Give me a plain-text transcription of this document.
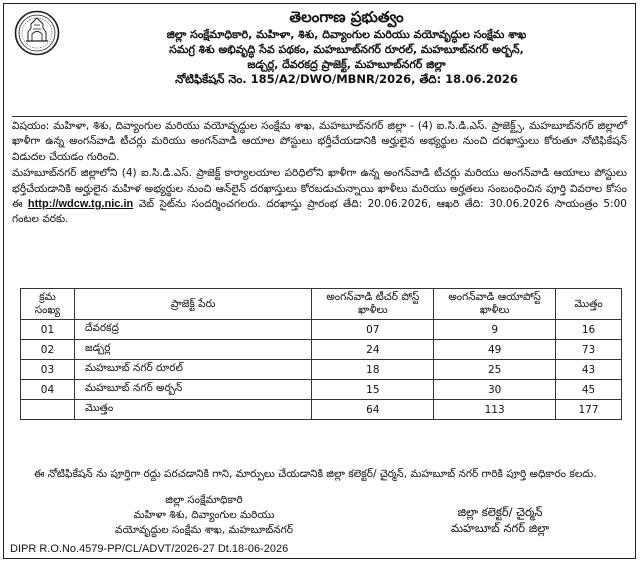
తెలంగాణ ప్రభుత్వం
జిల్లా సంక్షేమాధికారి, మహిళా, శిశు, దివ్యాంగుల మరియు వయోవృద్ధుల సంక్షేమ శాఖ
సమగ్ర శిశు అభివృద్ధి సేవ పథకం, మహబూబ్‌నగర్ రూరల్, మహబూబ్‌నగర్ అర్బన్,
జడ్చర్ల, దేవరకద్ర ప్రాజెక్ట్, మహబూబ్‌నగర్ జిల్లా
నోటిఫికేషన్ నెం. 185/A2/DWO/MBNR/2026, తేది: 18.06.2026

విషయం: మహిళా, శిశు, దివ్యాంగుల మరియు వయోవృద్ధుల సంక్షేమ శాఖ, మహబూబ్‌నగర్ జిల్లా - (4) ఐ.సి.డి.ఎస్. ప్రాజెక్ట్స్, మహబూబ్‌నగర్ జిల్లాలో ఖాళీగా ఉన్న అంగన్‌వాడి టీచర్లు మరియు అంగన్‌వాడి ఆయాల పోస్టులు భర్తీచేయడానికి అర్హులైన అభ్యర్థుల నుంచి దరఖాస్తులు కోరుతూ నోటిఫికేషన్ విడుదల చేయడం గురించి.

మహబూబ్‌నగర్ జిల్లాలోని (4) ఐ.సి.డి.ఎస్. ప్రాజెక్ట్ కార్యాలయాల పరిధిలోని ఖాళీగా ఉన్న అంగన్‌వాడి టీచర్లు మరియు అంగన్‌వాడి ఆయాలు పోస్టులు భర్తీచేయడానికి అర్హులైన మహిళ అభ్యర్థుల నుంచి ఆన్‌లైన్ దరఖాస్తులు కోరబడుచున్నాయి ఖాళీలు మరియు అర్హతలు సంబంధించిన పూర్తి వివరాల కోసం ఈ http://wdcw.tg.nic.in వెబ్ సైట్‌ను సందర్శించగలరు. దరఖాస్తు ప్రారంభ తేది: 20.06.2026, ఆఖరి తేది: 30.06.2026 సాయంత్రం 5:00 గంటల వరకు.

క్రమ సంఖ్య	ప్రాజెక్ట్ పేరు	అంగన్‌వాడి టీచర్ పోస్ట్ ఖాళీలు	అంగన్‌వాడి ఆయాపోస్ట్ ఖాళీలు	మొత్తం
01	దేవరకద్ర	07	9	16
02	జడ్చర్ల	24	49	73
03	మహబూబ్ నగర్ రూరల్	18	25	43
04	మహబూబ్ నగర్ అర్బన్	15	30	45
	మొత్తం	64	113	177

ఈ నోటిఫికేషన్ ను పూర్తిగా రద్దు పరచడానికి గాని, మార్పులు చేయడానికి జిల్లా కలెక్టర్/ చైర్మన్, మహబూబ్ నగర్ గారికి పూర్తి అధికారం కలదు.

జిల్లా సంక్షేమాధికారి
మహిళా శిశు, దివ్యాంగుల మరియు
వయోవృద్ధుల సంక్షేమ శాఖ, మహబూబ్‌నగర్
జిల్లా కలెక్టర్/ చైర్మన్
మహబూబ్ నగర్ జిల్లా
DIPR R.O.No.4579-PP/CL/ADVT/2026-27 Dt.18-06-2026
